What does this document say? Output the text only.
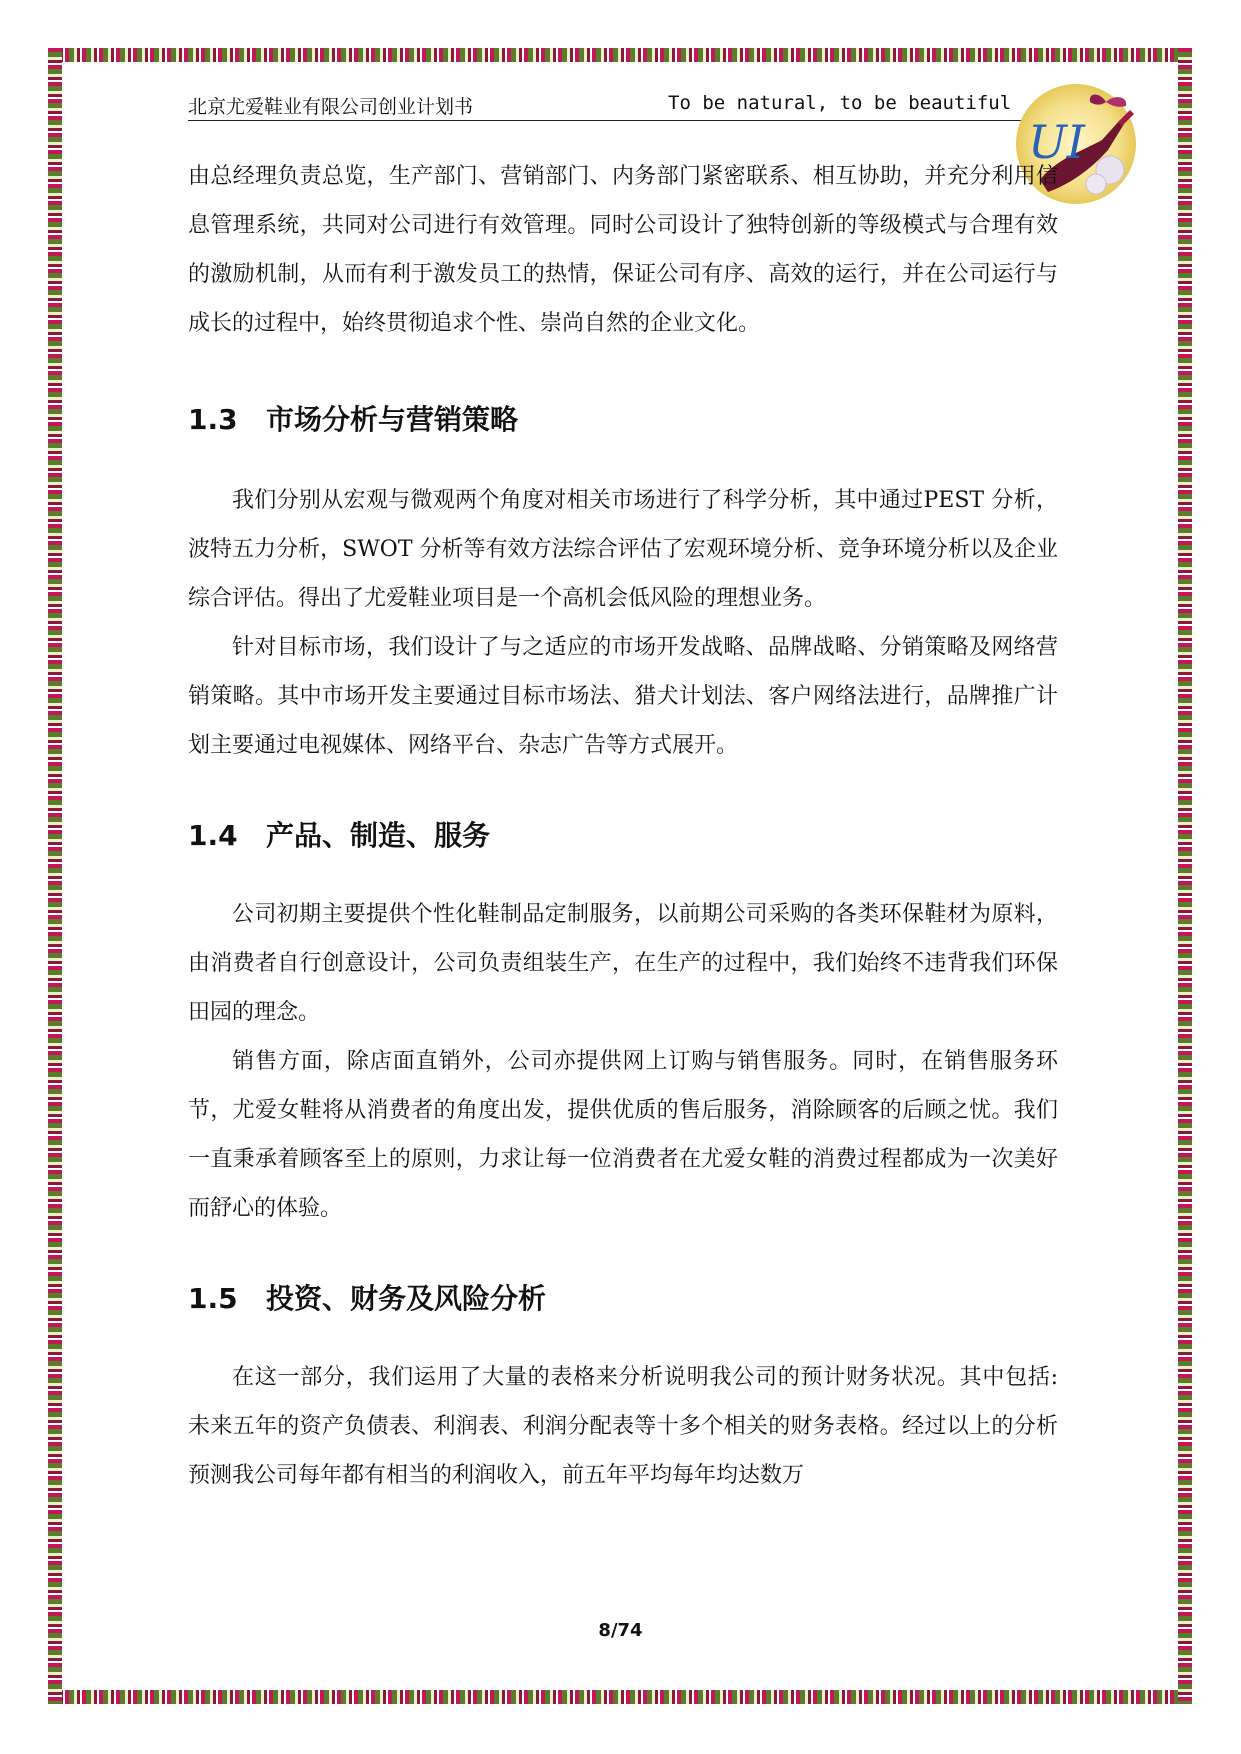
北京尤爱鞋业有限公司创业计划书	To be natural, to be beautiful
UI

由总经理负责总览，生产部门、营销部门、内务部门紧密联系、相互协助，并充分利用信息管理系统，共同对公司进行有效管理。同时公司设计了独特创新的等级模式与合理有效的激励机制，从而有利于激发员工的热情，保证公司有序、高效的运行，并在公司运行与成长的过程中，始终贯彻追求个性、崇尚自然的企业文化。

1.3	市场分析与营销策略

我们分别从宏观与微观两个角度对相关市场进行了科学分析，其中通过PEST 分析，波特五力分析，SWOT 分析等有效方法综合评估了宏观环境分析、竞争环境分析以及企业综合评估。得出了尤爱鞋业项目是一个高机会低风险的理想业务。

针对目标市场，我们设计了与之适应的市场开发战略、品牌战略、分销策略及网络营销策略。其中市场开发主要通过目标市场法、猎犬计划法、客户网络法进行，品牌推广计划主要通过电视媒体、网络平台、杂志广告等方式展开。

1.4	产品、制造、服务

公司初期主要提供个性化鞋制品定制服务，以前期公司采购的各类环保鞋材为原料，由消费者自行创意设计，公司负责组装生产，在生产的过程中，我们始终不违背我们环保田园的理念。

销售方面，除店面直销外，公司亦提供网上订购与销售服务。同时，在销售服务环节，尤爱女鞋将从消费者的角度出发，提供优质的售后服务，消除顾客的后顾之忧。我们一直秉承着顾客至上的原则，力求让每一位消费者在尤爱女鞋的消费过程都成为一次美好而舒心的体验。

1.5	投资、财务及风险分析

在这一部分，我们运用了大量的表格来分析说明我公司的预计财务状况。其中包括: 未来五年的资产负债表、利润表、利润分配表等十多个相关的财务表格。经过以上的分析预测我公司每年都有相当的利润收入，前五年平均每年均达数万

8/74
